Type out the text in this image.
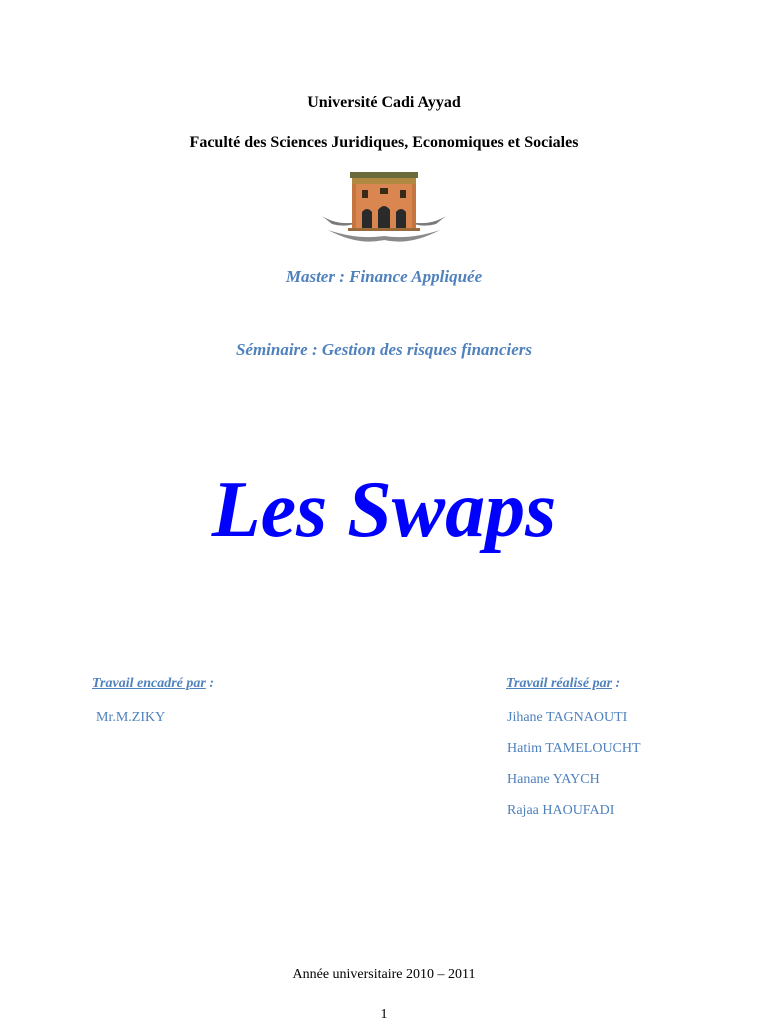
Université Cadi Ayyad
Faculté des Sciences Juridiques, Economiques et Sociales
Master : Finance Appliquée
Séminaire : Gestion des risques financiers
Les Swaps
Travail encadré par :	Travail réalisé par :
Mr.M.ZIKY	Jihane TAGNAOUTI
Hatim TAMELOUCHT
Hanane YAYCH
Rajaa HAOUFADI
Année universitaire 2010 – 2011
1
